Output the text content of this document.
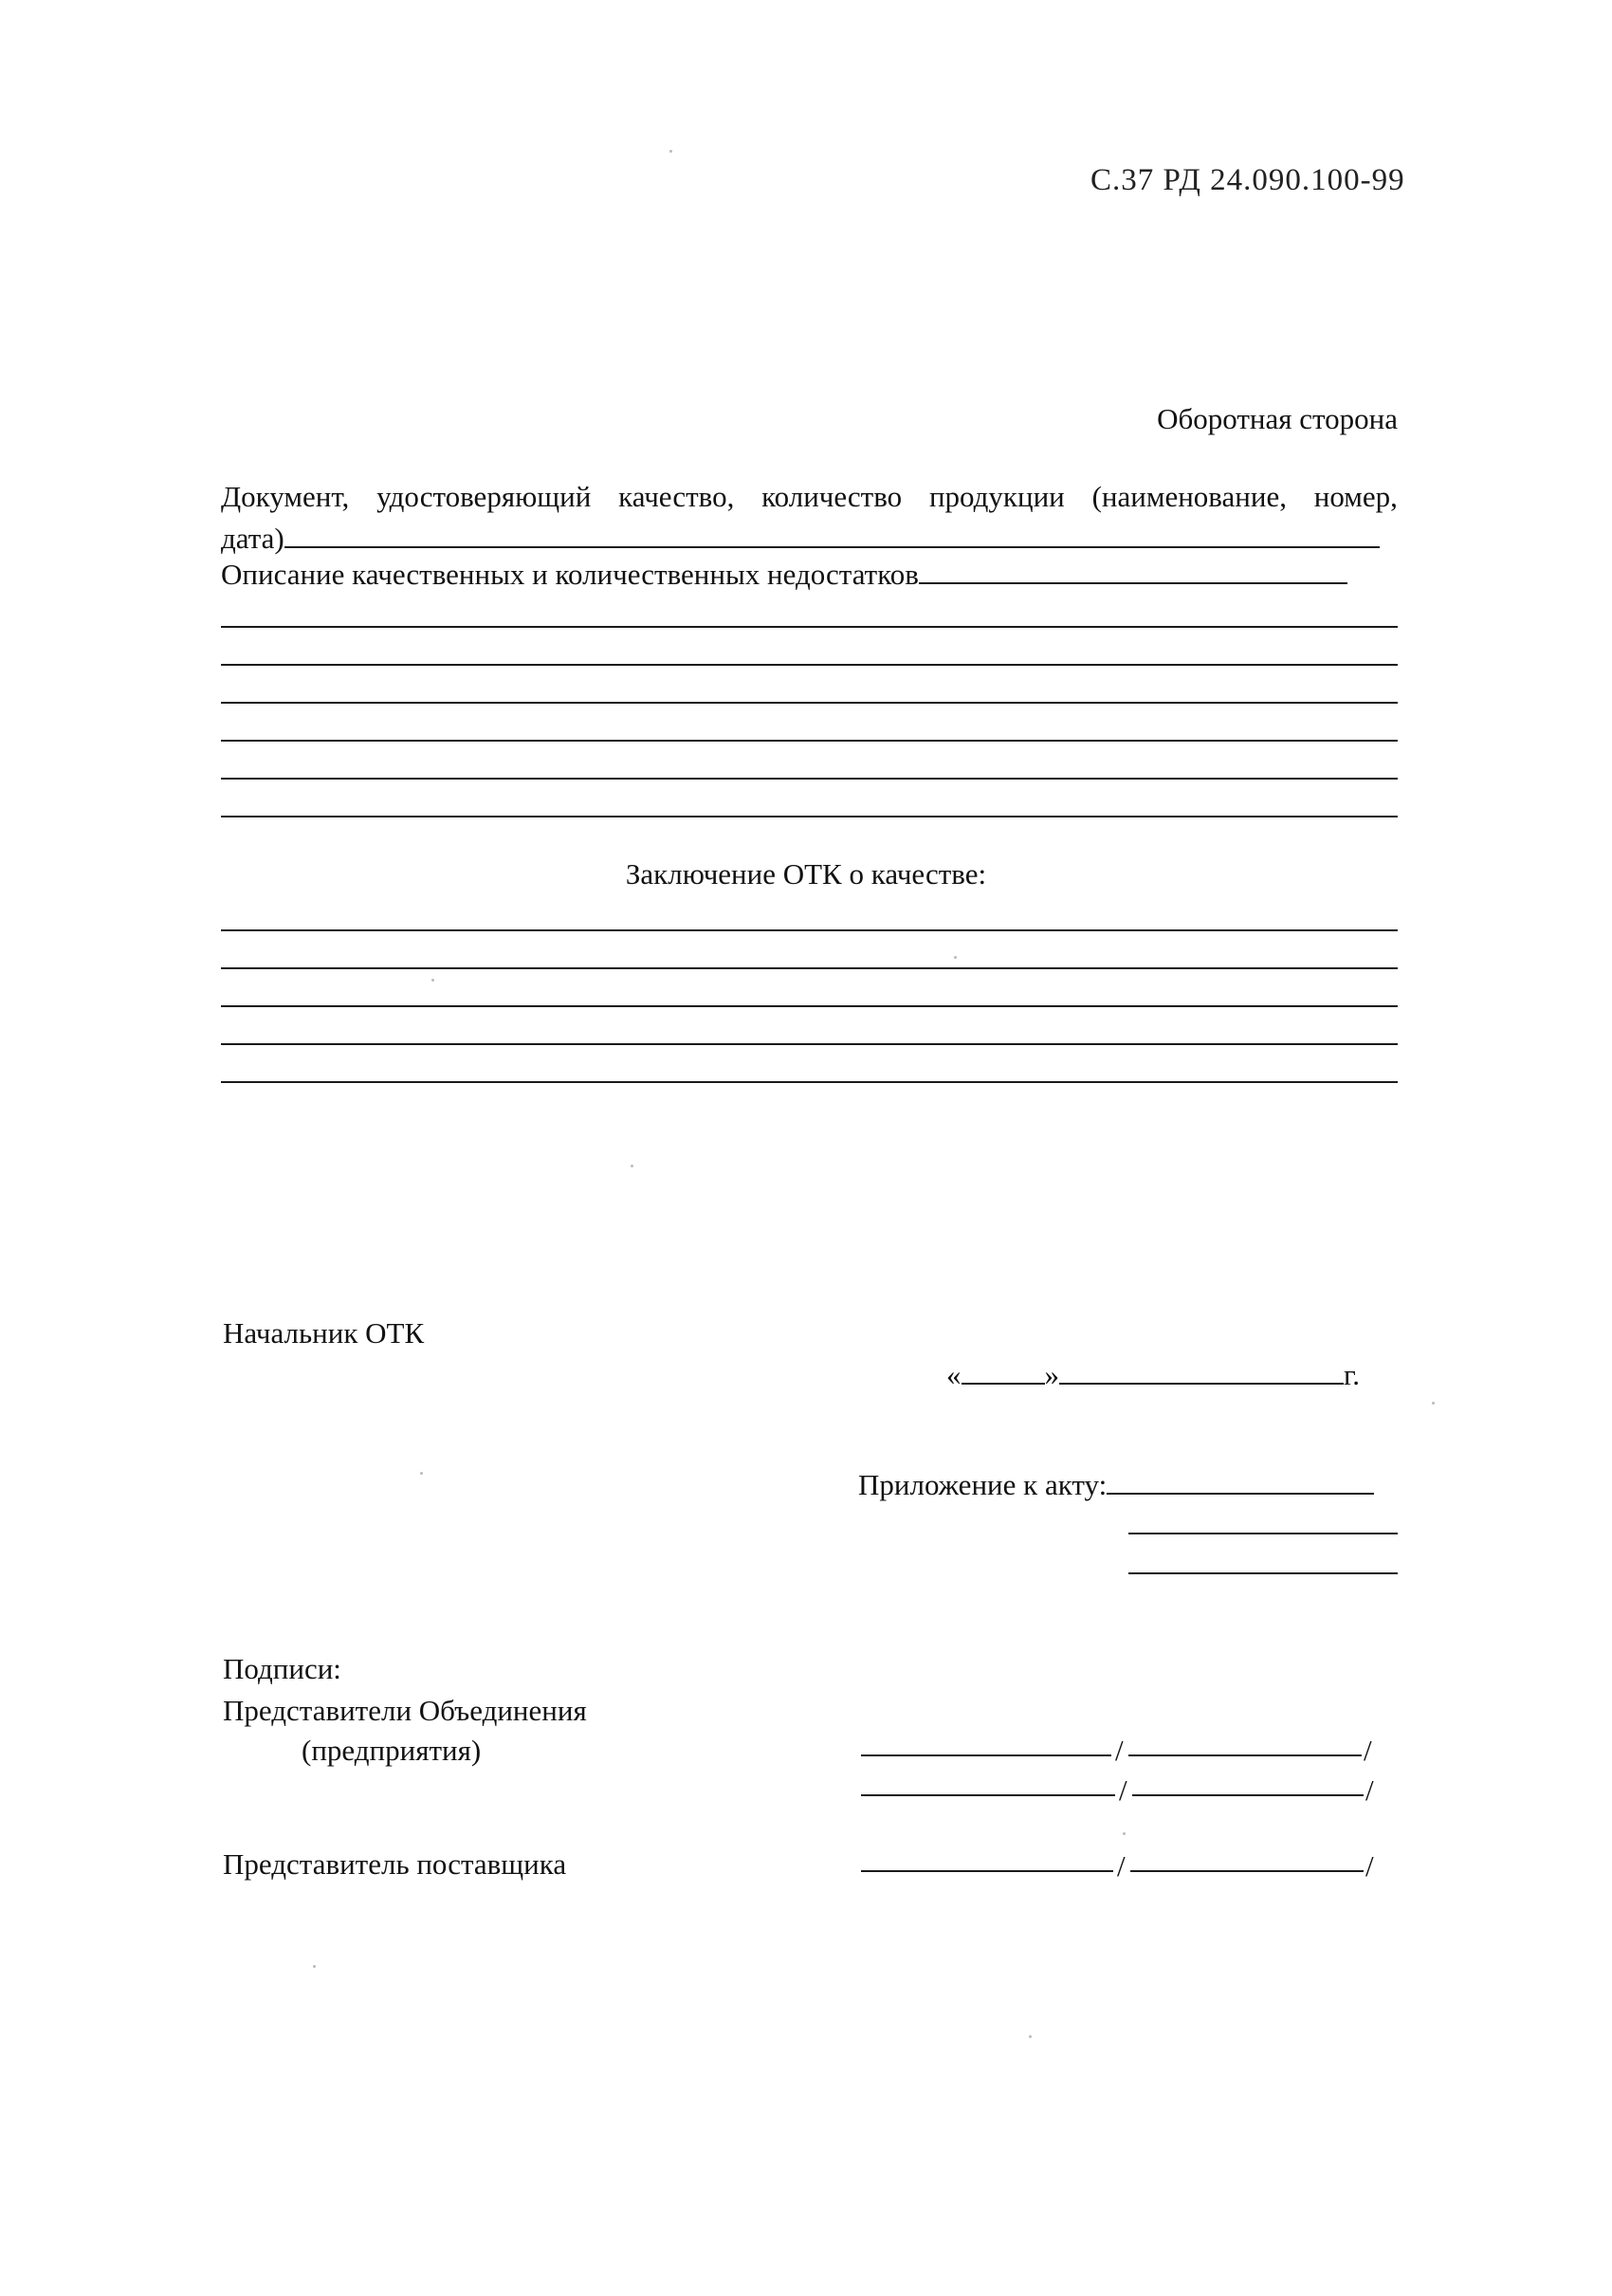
С.37 РД 24.090.100-99
Оборотная сторона
Документ, удостоверяющий качество, количество продукции (наименование, номер,
дата)
Описание качественных и количественных недостатков
Заключение ОТК о качестве:
Начальник ОТК
«	»	г.
Приложение к акту:
Подписи:
Представители Объединения
(предприятия)	/	/
/	/
Представитель поставщика	/	/
